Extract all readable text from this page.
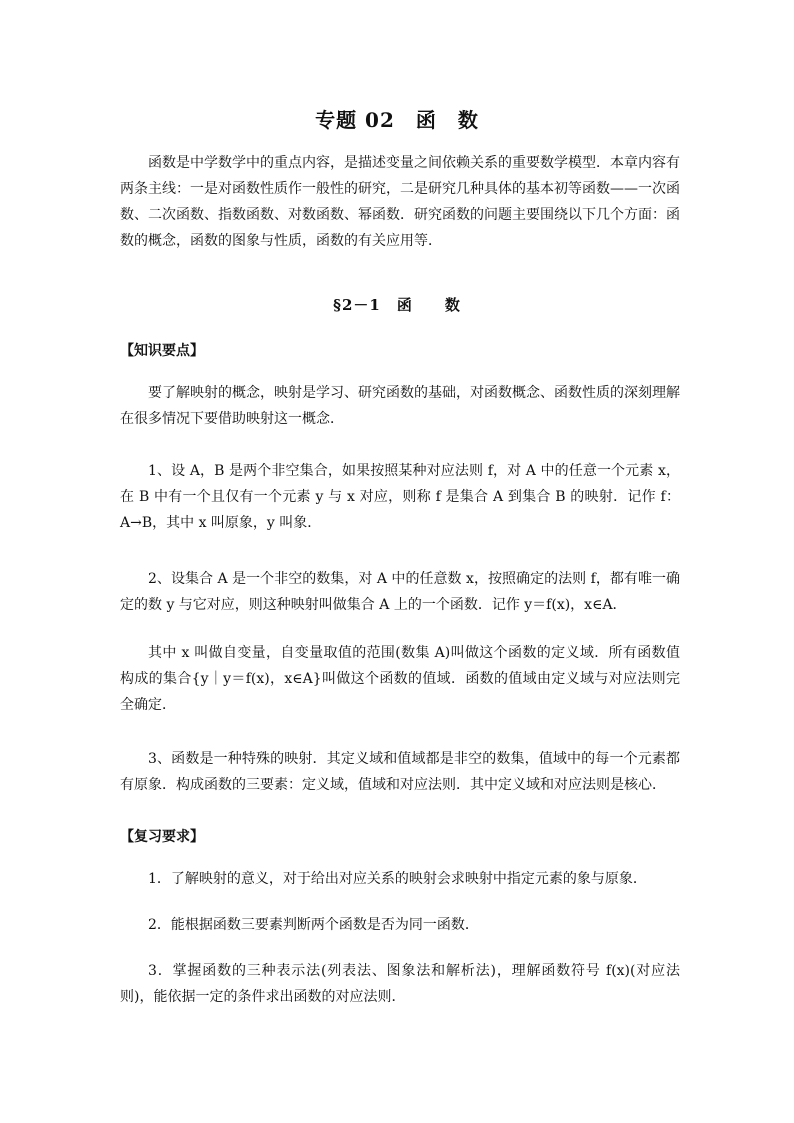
专题 02　函　数

函数是中学数学中的重点内容，是描述变量之间依赖关系的重要数学模型．本章内容有两条主线：一是对函数性质作一般性的研究，二是研究几种具体的基本初等函数——一次函数、二次函数、指数函数、对数函数、幂函数．研究函数的问题主要围绕以下几个方面：函数的概念，函数的图象与性质，函数的有关应用等．

§2－1　函　　数
【知识要点】

要了解映射的概念，映射是学习、研究函数的基础，对函数概念、函数性质的深刻理解在很多情况下要借助映射这一概念．

1、设 A，B 是两个非空集合，如果按照某种对应法则 f，对 A 中的任意一个元素 x，在 B 中有一个且仅有一个元素 y 与 x 对应，则称 f 是集合 A 到集合 B 的映射．记作 f：A→B，其中 x 叫原象，y 叫象．

2、设集合 A 是一个非空的数集，对 A 中的任意数 x，按照确定的法则 f，都有唯一确定的数 y 与它对应，则这种映射叫做集合 A 上的一个函数．记作 y＝f(x)，x∈A．

其中 x 叫做自变量，自变量取值的范围(数集 A)叫做这个函数的定义域．所有函数值构成的集合{y｜y＝f(x)，x∈A}叫做这个函数的值域．函数的值域由定义域与对应法则完全确定．

3、函数是一种特殊的映射．其定义域和值域都是非空的数集，值域中的每一个元素都有原象．构成函数的三要素：定义域，值域和对应法则．其中定义域和对应法则是核心．

【复习要求】

1．了解映射的意义，对于给出对应关系的映射会求映射中指定元素的象与原象．

2．能根据函数三要素判断两个函数是否为同一函数．

3．掌握函数的三种表示法(列表法、图象法和解析法)，理解函数符号 f(x)(对应法则)，能依据一定的条件求出函数的对应法则．
